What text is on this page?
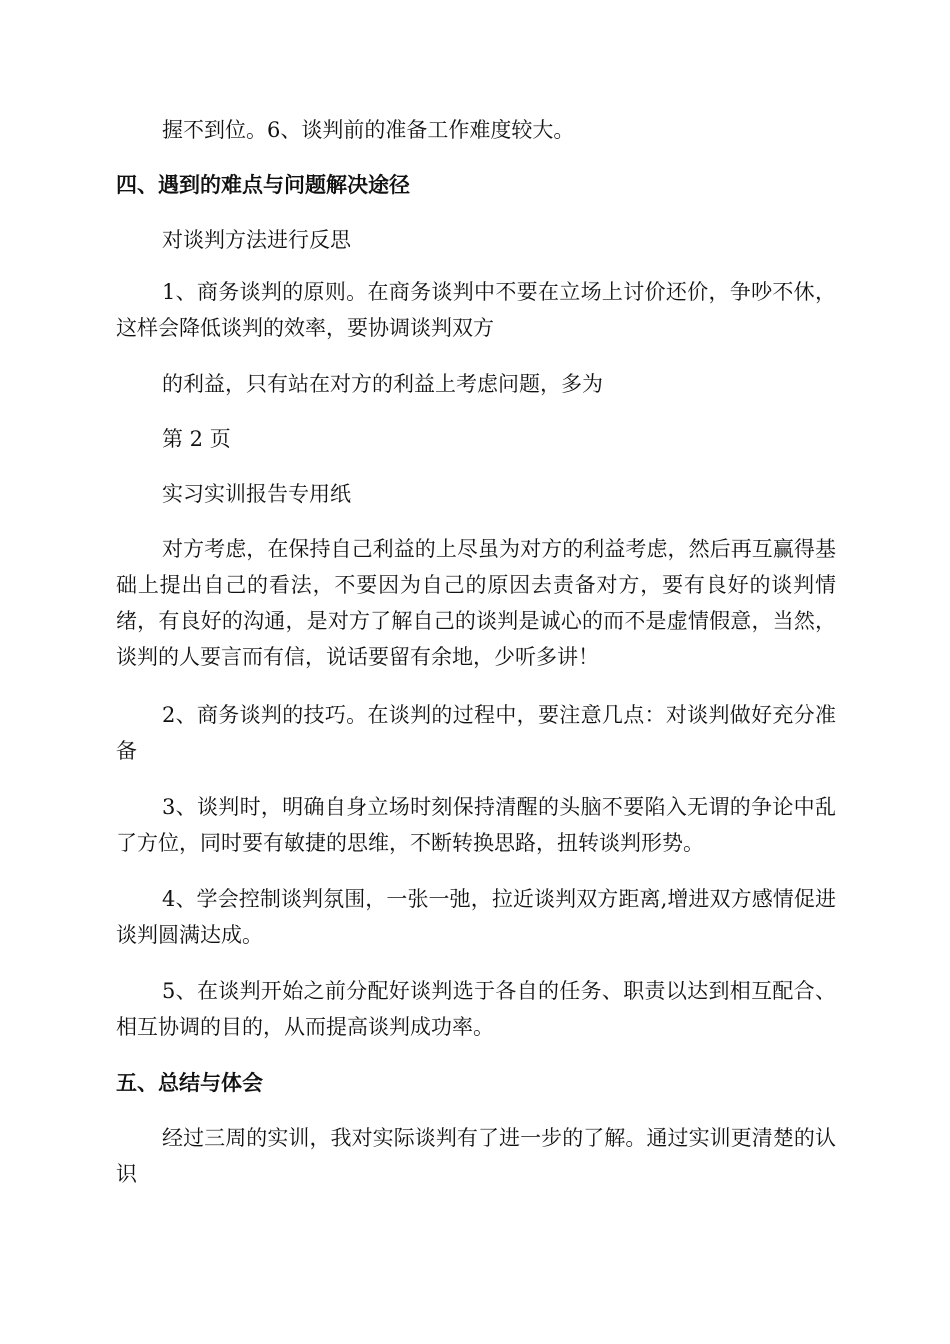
握不到位。6、谈判前的准备工作难度较大。

四、遇到的难点与问题解决途径

对谈判方法进行反思

1、商务谈判的原则。在商务谈判中不要在立场上讨价还价，争吵不休，这样会降低谈判的效率，要协调谈判双方

的利益，只有站在对方的利益上考虑问题，多为

第 2 页

实习实训报告专用纸

对方考虑，在保持自己利益的上尽虽为对方的利益考虑，然后再互赢得基础上提出自己的看法，不要因为自己的原因去责备对方，要有良好的谈判情绪，有良好的沟通，是对方了解自己的谈判是诚心的而不是虚情假意，当然，谈判的人要言而有信，说话要留有余地，少听多讲！

2、商务谈判的技巧。在谈判的过程中，要注意几点：对谈判做好充分准备

3、谈判时，明确自身立场时刻保持清醒的头脑不要陷入无谓的争论中乱了方位，同时要有敏捷的思维，不断转换思路，扭转谈判形势。

4、学会控制谈判氛围，一张一弛，拉近谈判双方距离,增进双方感情促进谈判圆满达成。

5、在谈判开始之前分配好谈判选于各自的任务、职责以达到相互配合、相互协调的目的，从而提高谈判成功率。

五、总结与体会

经过三周的实训，我对实际谈判有了进一步的了解。通过实训更清楚的认识
